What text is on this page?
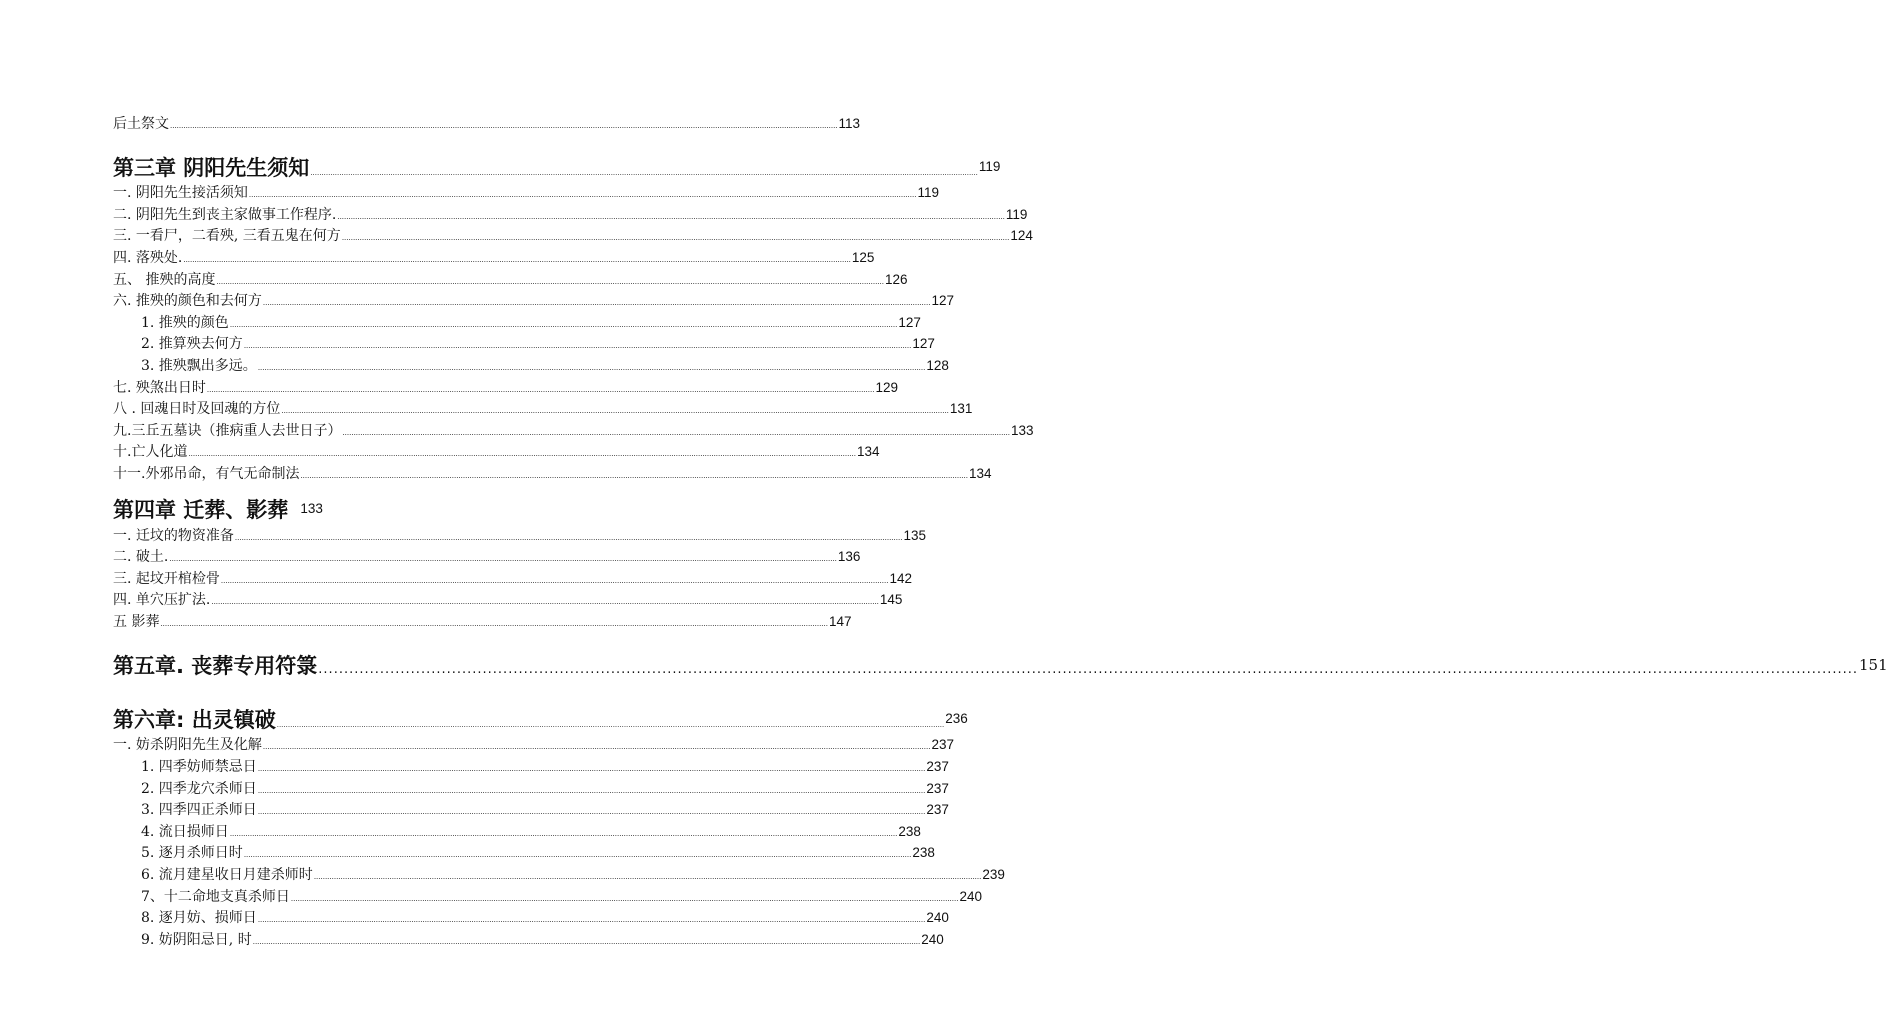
后土祭文 ............................................................................................................................................................................................................................................................................................................ 113
第三章 阴阳先生须知 ............................................................................................................................................................................................................................................................................................................ 119
一. 阴阳先生接活须知 ............................................................................................................................................................................................................................................................................................................ 119
二. 阴阳先生到丧主家做事工作程序. ............................................................................................................................................................................................................................................................................................................ 119
三. 一看尸，二看殃, 三看五鬼在何方 ............................................................................................................................................................................................................................................................................................................ 124
四. 落殃处. ............................................................................................................................................................................................................................................................................................................ 125
五、 推殃的高度 ............................................................................................................................................................................................................................................................................................................ 126
六. 推殃的颜色和去何方 ............................................................................................................................................................................................................................................................................................................ 127
1. 推殃的颜色 ............................................................................................................................................................................................................................................................................................................ 127
2. 推算殃去何方 ............................................................................................................................................................................................................................................................................................................ 127
3. 推殃飘出多远。 ............................................................................................................................................................................................................................................................................................................ 128
七. 殃煞出日时 ............................................................................................................................................................................................................................................................................................................ 129
八 . 回魂日时及回魂的方位 ............................................................................................................................................................................................................................................................................................................ 131
九.三丘五墓诀（推病重人去世日子） ............................................................................................................................................................................................................................................................................................................ 133
十.亡人化道 ............................................................................................................................................................................................................................................................................................................ 134
十一.外邪吊命，有气无命制法 ............................................................................................................................................................................................................................................................................................................ 134
第四章 迁葬、影葬 133
一. 迁坟的物资准备 ............................................................................................................................................................................................................................................................................................................ 135
二. 破土. ............................................................................................................................................................................................................................................................................................................ 136
三. 起坟开棺检骨 ............................................................................................................................................................................................................................................................................................................ 142
四. 单穴压扩法. ............................................................................................................................................................................................................................................................................................................ 145
五 影葬 ............................................................................................................................................................................................................................................................................................................ 147
第五章. 丧葬专用符箓 ............................................................................................................................................................................................................................................................................................................ 151
第六章: 出灵镇破 ............................................................................................................................................................................................................................................................................................................ 236
一. 妨杀阴阳先生及化解 ............................................................................................................................................................................................................................................................................................................ 237
1. 四季妨师禁忌日 ............................................................................................................................................................................................................................................................................................................ 237
2. 四季龙穴杀师日 ............................................................................................................................................................................................................................................................................................................ 237
3. 四季四正杀师日 ............................................................................................................................................................................................................................................................................................................ 237
4. 流日损师日 ............................................................................................................................................................................................................................................................................................................ 238
5. 逐月杀师日时 ............................................................................................................................................................................................................................................................................................................ 238
6. 流月建星收日月建杀师时 ............................................................................................................................................................................................................................................................................................................ 239
7、十二命地支真杀师日 ............................................................................................................................................................................................................................................................................................................ 240
8. 逐月妨、损师日 ............................................................................................................................................................................................................................................................................................................ 240
9. 妨阴阳忌日, 时 ............................................................................................................................................................................................................................................................................................................ 240
